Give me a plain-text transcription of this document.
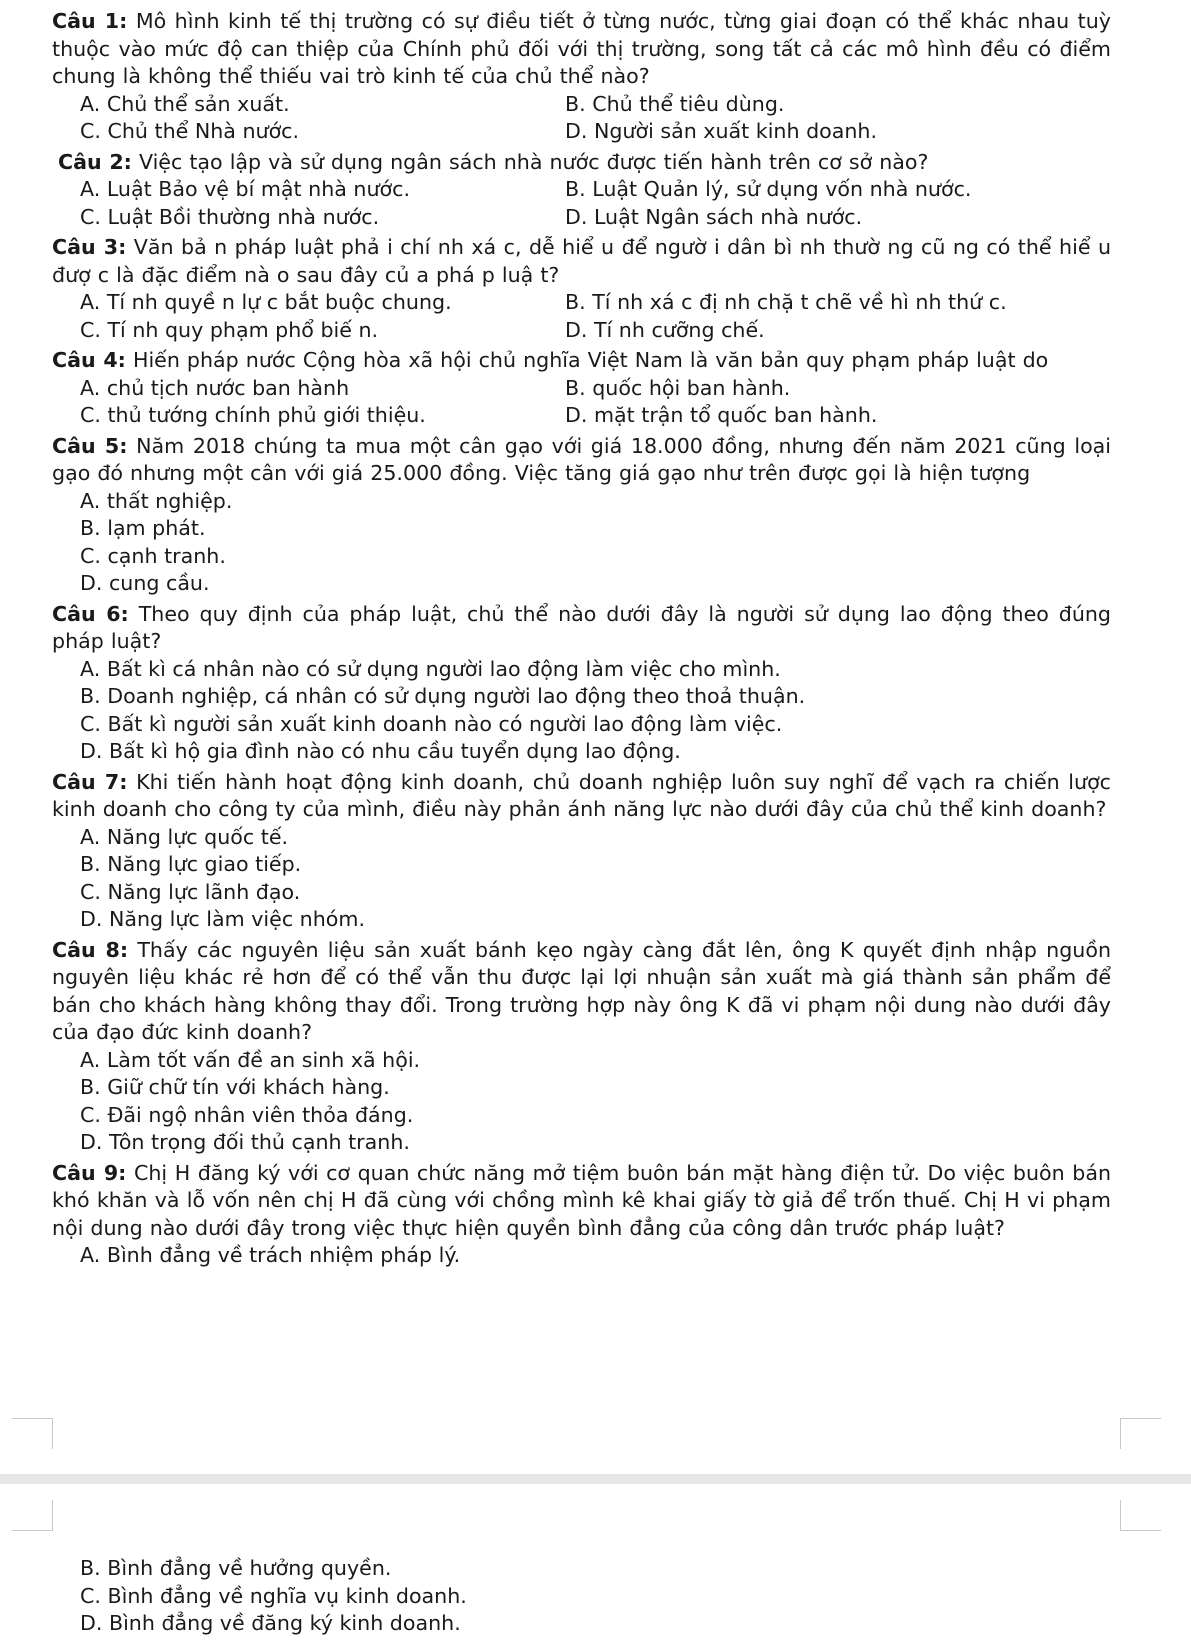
Câu 1: Mô hình kinh tế thị trường có sự điều tiết ở từng nước, từng giai đoạn có thể khác nhau tuỳ thuộc vào mức độ can thiệp của Chính phủ đối với thị trường, song tất cả các mô hình đều có điểm chung là không thể thiếu vai trò kinh tế của chủ thể nào?
A. Chủ thể sản xuất.	B. Chủ thể tiêu dùng.
C. Chủ thể Nhà nước.	D. Người sản xuất kinh doanh.
Câu 2: Việc tạo lập và sử dụng ngân sách nhà nước được tiến hành trên cơ sở nào?
A. Luật Bảo vệ bí mật nhà nước.	B. Luật Quản lý, sử dụng vốn nhà nước.
C. Luật Bồi thường nhà nước.	D. Luật Ngân sách nhà nước.
Câu 3: Văn bả n pháp luật phả i chí nh xá c, dễ hiể u để ngườ i dân bì nh thườ ng cũ ng có thể hiể u đượ c là đặc điểm nà o sau đây củ a phá p luậ t?
A. Tí nh quyề n lự c bắt buộc chung.	B. Tí nh xá c đị nh chặ t chẽ về hì nh thứ c.
C. Tí nh quy phạm phổ biế n.	D. Tí nh cưỡng chế.
Câu 4: Hiến pháp nước Cộng hòa xã hội chủ nghĩa Việt Nam là văn bản quy phạm pháp luật do
A. chủ tịch nước ban hành	B. quốc hội ban hành.
C. thủ tướng chính phủ giới thiệu.	D. mặt trận tổ quốc ban hành.
Câu 5: Năm 2018 chúng ta mua một cân gạo với giá 18.000 đồng, nhưng đến năm 2021 cũng loại gạo đó nhưng một cân với giá 25.000 đồng. Việc tăng giá gạo như trên được gọi là hiện tượng
A. thất nghiệp.
B. lạm phát.
C. cạnh tranh.
D. cung cầu.
Câu 6: Theo quy định của pháp luật, chủ thể nào dưới đây là người sử dụng lao động theo đúng pháp luật?
A. Bất kì cá nhân nào có sử dụng người lao động làm việc cho mình.
B. Doanh nghiệp, cá nhân có sử dụng người lao động theo thoả thuận.
C. Bất kì người sản xuất kinh doanh nào có người lao động làm việc.
D. Bất kì hộ gia đình nào có nhu cầu tuyển dụng lao động.
Câu 7: Khi tiến hành hoạt động kinh doanh, chủ doanh nghiệp luôn suy nghĩ để vạch ra chiến lược kinh doanh cho công ty của mình, điều này phản ánh năng lực nào dưới đây của chủ thể kinh doanh?
A. Năng lực quốc tế.
B. Năng lực giao tiếp.
C. Năng lực lãnh đạo.
D. Năng lực làm việc nhóm.
Câu 8: Thấy các nguyên liệu sản xuất bánh kẹo ngày càng đắt lên, ông K quyết định nhập nguồn nguyên liệu khác rẻ hơn để có thể vẫn thu được lại lợi nhuận sản xuất mà giá thành sản phẩm để bán cho khách hàng không thay đổi. Trong trường hợp này ông K đã vi phạm nội dung nào dưới đây của đạo đức kinh doanh?
A. Làm tốt vấn đề an sinh xã hội.
B. Giữ chữ tín với khách hàng.
C. Đãi ngộ nhân viên thỏa đáng.
D. Tôn trọng đối thủ cạnh tranh.
Câu 9: Chị H đăng ký với cơ quan chức năng mở tiệm buôn bán mặt hàng điện tử. Do việc buôn bán khó khăn và lỗ vốn nên chị H đã cùng với chồng mình kê khai giấy tờ giả để trốn thuế. Chị H vi phạm nội dung nào dưới đây trong việc thực hiện quyền bình đẳng của công dân trước pháp luật?
A. Bình đẳng về trách nhiệm pháp lý.
B. Bình đẳng về hưởng quyền.
C. Bình đẳng về nghĩa vụ kinh doanh.
D. Bình đẳng về đăng ký kinh doanh.
